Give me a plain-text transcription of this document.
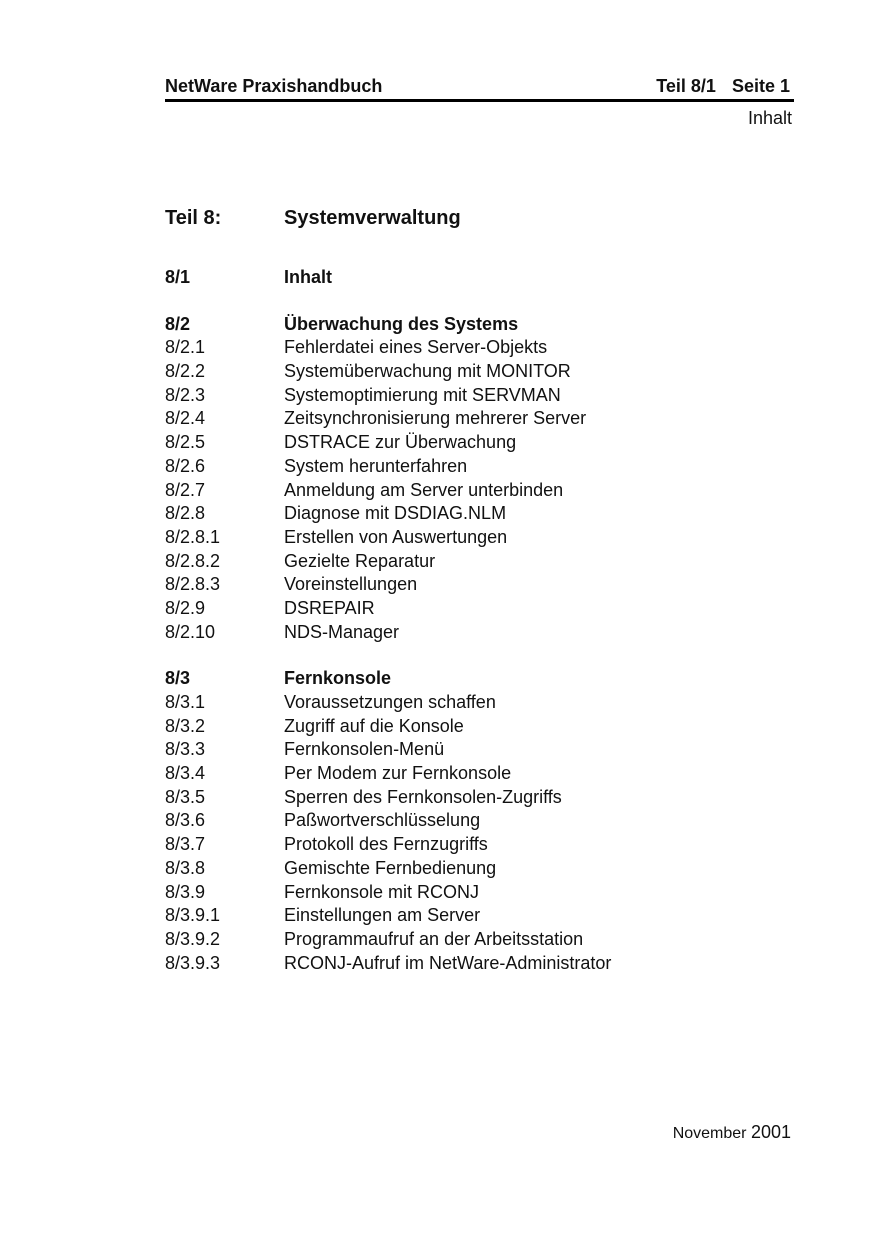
NetWare Praxishandbuch	Teil 8/1 Seite 1
Inhalt
Teil 8:	Systemverwaltung
8/1	Inhalt
8/2	Überwachung des Systems
8/2.1	Fehlerdatei eines Server-Objekts
8/2.2	Systemüberwachung mit MONITOR
8/2.3	Systemoptimierung mit SERVMAN
8/2.4	Zeitsynchronisierung mehrerer Server
8/2.5	DSTRACE zur Überwachung
8/2.6	System herunterfahren
8/2.7	Anmeldung am Server unterbinden
8/2.8	Diagnose mit DSDIAG.NLM
8/2.8.1	Erstellen von Auswertungen
8/2.8.2	Gezielte Reparatur
8/2.8.3	Voreinstellungen
8/2.9	DSREPAIR
8/2.10	NDS-Manager
8/3	Fernkonsole
8/3.1	Voraussetzungen schaffen
8/3.2	Zugriff auf die Konsole
8/3.3	Fernkonsolen-Menü
8/3.4	Per Modem zur Fernkonsole
8/3.5	Sperren des Fernkonsolen-Zugriffs
8/3.6	Paßwortverschlüsselung
8/3.7	Protokoll des Fernzugriffs
8/3.8	Gemischte Fernbedienung
8/3.9	Fernkonsole mit RCONJ
8/3.9.1	Einstellungen am Server
8/3.9.2	Programmaufruf an der Arbeitsstation
8/3.9.3	RCONJ-Aufruf im NetWare-Administrator
November 2001
